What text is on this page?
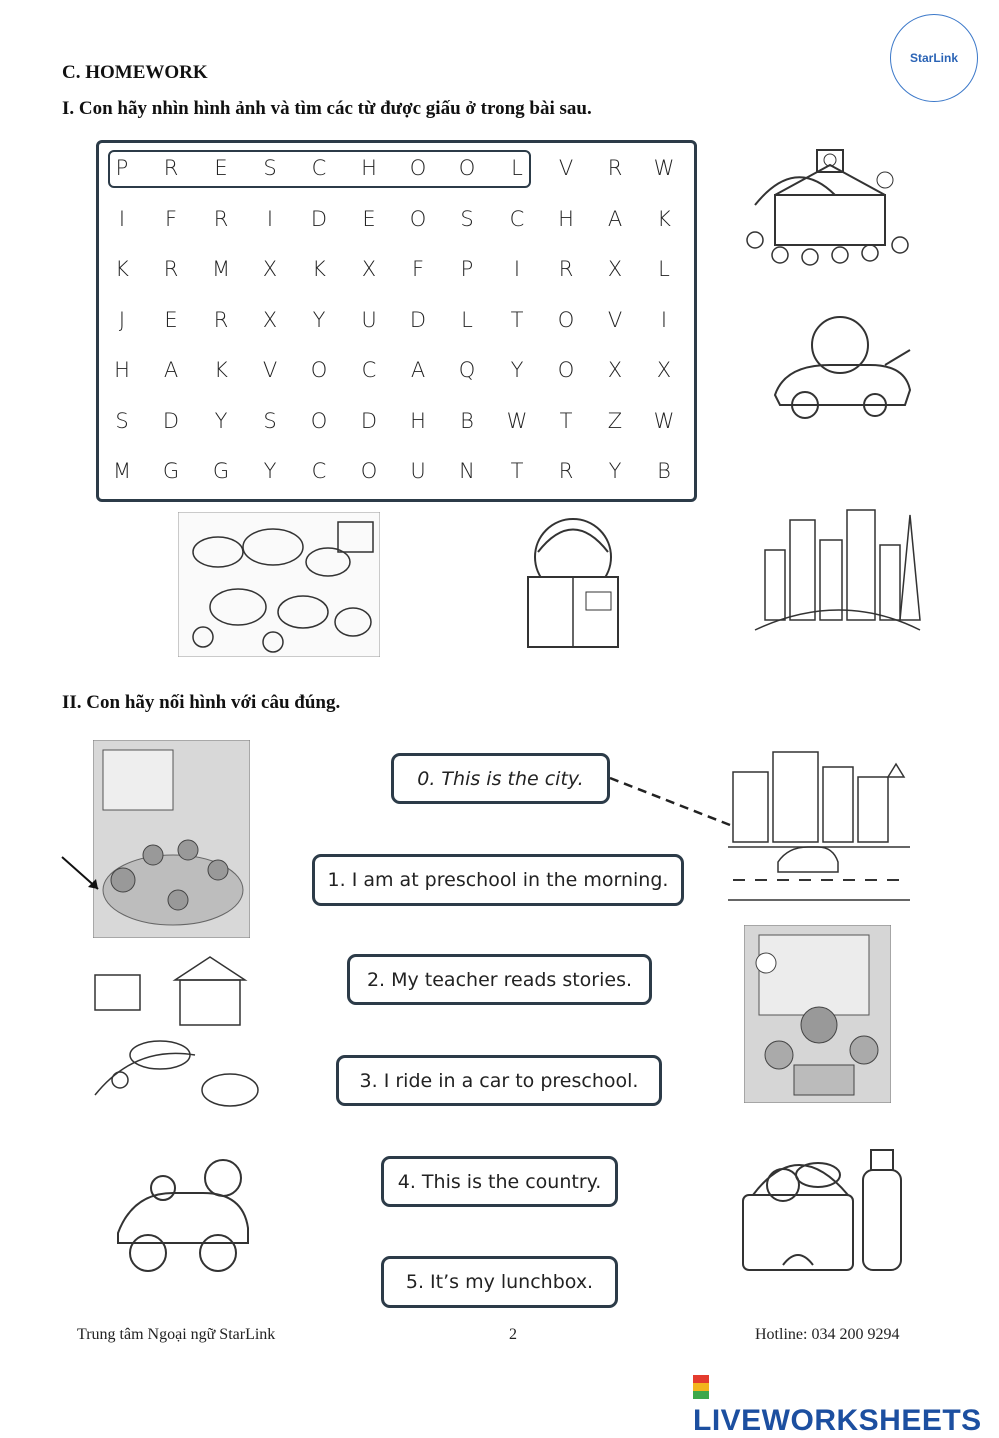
StarLink
C. HOMEWORK
I. Con hãy nhìn hình ảnh và tìm các từ được giấu ở trong bài sau.
P	R	E	S	C	H	O	O	L	V	R	W
I	F	R	I	D	E	O	S	C	H	A	K
K	R	M	X	K	X	F	P	I	R	X	L
J	E	R	X	Y	U	D	L	T	O	V	I
H	A	K	V	O	C	A	Q	Y	O	X	X
S	D	Y	S	O	D	H	B	W	T	Z	W
M	G	G	Y	C	O	U	N	T	R	Y	B
II. Con hãy nối hình với câu đúng.
0. This is the city.
1. I am at preschool in the morning.
2. My teacher reads stories.
3. I ride in a car to preschool.
4. This is the country.
5. It’s my lunchbox.
Trung tâm Ngoại ngữ StarLink	2	Hotline: 034 200 9294
LIVEWORKSHEETS
